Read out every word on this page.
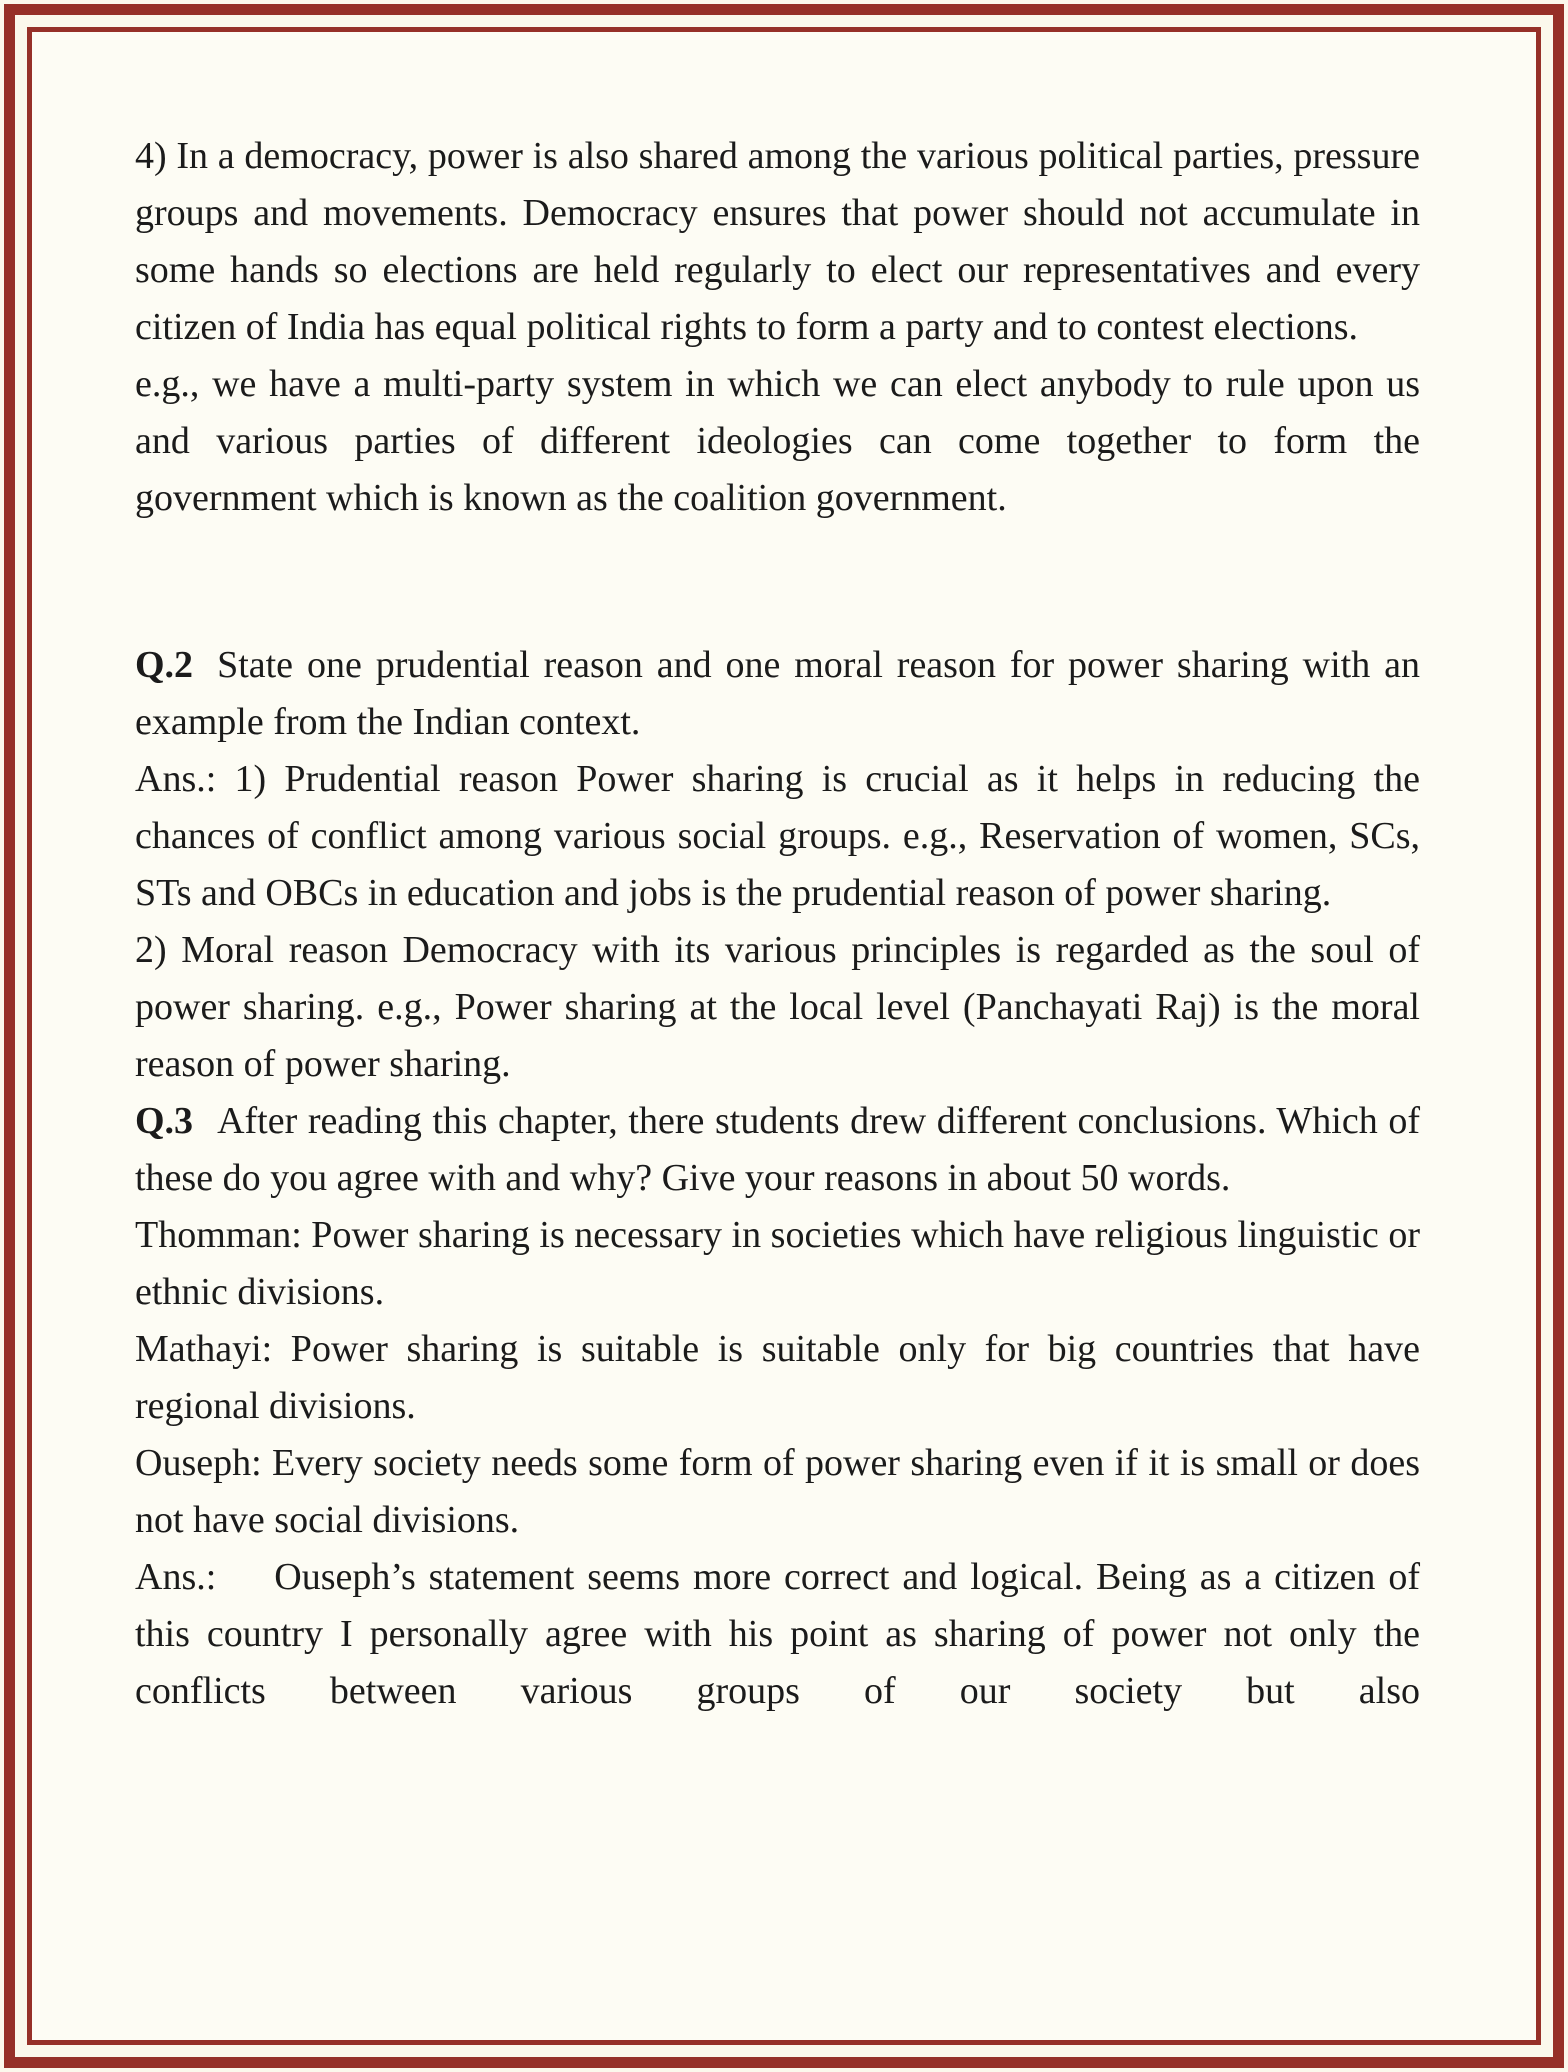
4) In a democracy, power is also shared among the various political parties, pressure groups and movements. Democracy ensures that power should not accumulate in some hands so elections are held regularly to elect our representatives and every citizen of India has equal political rights to form a party and to contest elections.

e.g., we have a multi-party system in which we can elect anybody to rule upon us and various parties of different ideologies can come together to form the government which is known as the coalition government.

Q.2 State one prudential reason and one moral reason for power sharing with an example from the Indian context.

Ans.: 1) Prudential reason Power sharing is crucial as it helps in reducing the chances of conflict among various social groups. e.g., Reservation of women, SCs, STs and OBCs in education and jobs is the prudential reason of power sharing.

2) Moral reason Democracy with its various principles is regarded as the soul of power sharing. e.g., Power sharing at the local level (Panchayati Raj) is the moral reason of power sharing.

Q.3 After reading this chapter, there students drew different conclusions. Which of these do you agree with and why? Give your reasons in about 50 words.

Thomman: Power sharing is necessary in societies which have religious linguistic or ethnic divisions.

Mathayi: Power sharing is suitable is suitable only for big countries that have regional divisions.

Ouseph: Every society needs some form of power sharing even if it is small or does not have social divisions.

Ans.: Ouseph’s statement seems more correct and logical. Being as a citizen of this country I personally agree with his point as sharing of power not only the conflicts between various groups of our society but also
